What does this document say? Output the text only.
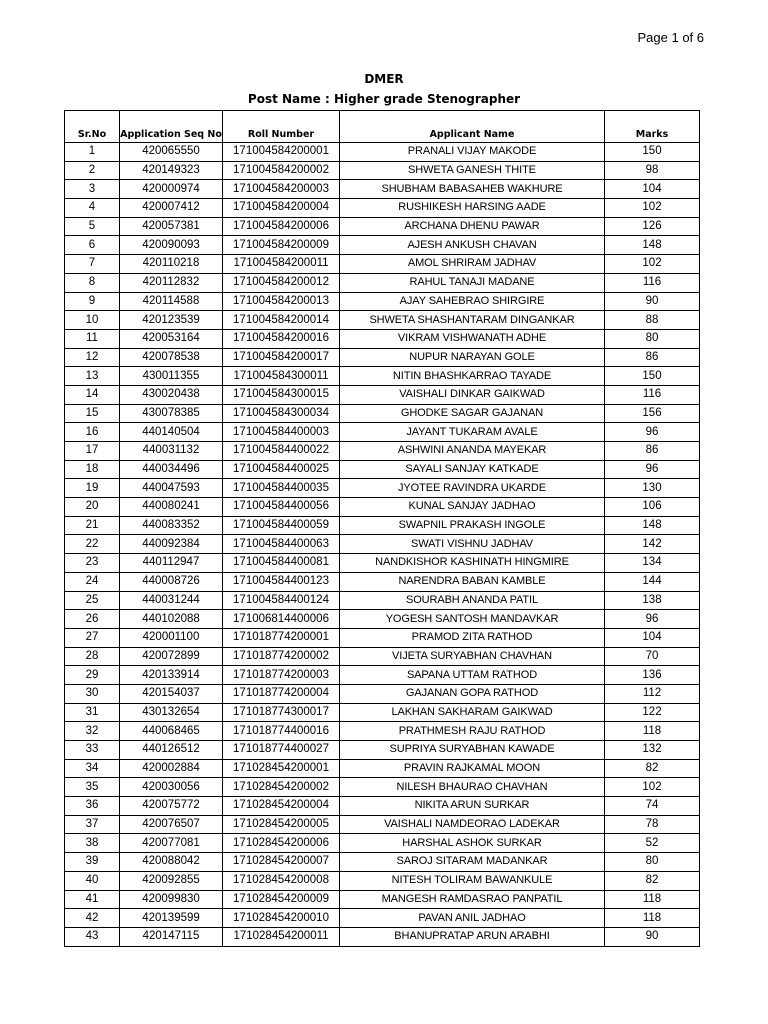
Page 1 of 6
DMER
Post Name : Higher grade Stenographer
Sr.No	Application Seq No	Roll Number	Applicant Name	Marks
1	420065550	171004584200001	PRANALI VIJAY MAKODE	150
2	420149323	171004584200002	SHWETA GANESH THITE	98
3	420000974	171004584200003	SHUBHAM BABASAHEB WAKHURE	104
4	420007412	171004584200004	RUSHIKESH HARSING AADE	102
5	420057381	171004584200006	ARCHANA DHENU PAWAR	126
6	420090093	171004584200009	AJESH ANKUSH CHAVAN	148
7	420110218	171004584200011	AMOL SHRIRAM JADHAV	102
8	420112832	171004584200012	RAHUL TANAJI MADANE	116
9	420114588	171004584200013	AJAY SAHEBRAO SHIRGIRE	90
10	420123539	171004584200014	SHWETA SHASHANTARAM DINGANKAR	88
11	420053164	171004584200016	VIKRAM VISHWANATH ADHE	80
12	420078538	171004584200017	NUPUR NARAYAN GOLE	86
13	430011355	171004584300011	NITIN BHASHKARRAO TAYADE	150
14	430020438	171004584300015	VAISHALI DINKAR GAIKWAD	116
15	430078385	171004584300034	GHODKE SAGAR GAJANAN	156
16	440140504	171004584400003	JAYANT TUKARAM AVALE	96
17	440031132	171004584400022	ASHWINI ANANDA MAYEKAR	86
18	440034496	171004584400025	SAYALI SANJAY KATKADE	96
19	440047593	171004584400035	JYOTEE RAVINDRA UKARDE	130
20	440080241	171004584400056	KUNAL SANJAY JADHAO	106
21	440083352	171004584400059	SWAPNIL PRAKASH INGOLE	148
22	440092384	171004584400063	SWATI VISHNU JADHAV	142
23	440112947	171004584400081	NANDKISHOR KASHINATH HINGMIRE	134
24	440008726	171004584400123	NARENDRA BABAN KAMBLE	144
25	440031244	171004584400124	SOURABH ANANDA PATIL	138
26	440102088	171006814400006	YOGESH SANTOSH MANDAVKAR	96
27	420001100	171018774200001	PRAMOD ZITA RATHOD	104
28	420072899	171018774200002	VIJETA SURYABHAN CHAVHAN	70
29	420133914	171018774200003	SAPANA UTTAM RATHOD	136
30	420154037	171018774200004	GAJANAN GOPA RATHOD	112
31	430132654	171018774300017	LAKHAN SAKHARAM GAIKWAD	122
32	440068465	171018774400016	PRATHMESH RAJU RATHOD	118
33	440126512	171018774400027	SUPRIYA SURYABHAN KAWADE	132
34	420002884	171028454200001	PRAVIN RAJKAMAL MOON	82
35	420030056	171028454200002	NILESH BHAURAO CHAVHAN	102
36	420075772	171028454200004	NIKITA ARUN SURKAR	74
37	420076507	171028454200005	VAISHALI NAMDEORAO LADEKAR	78
38	420077081	171028454200006	HARSHAL ASHOK SURKAR	52
39	420088042	171028454200007	SAROJ SITARAM MADANKAR	80
40	420092855	171028454200008	NITESH TOLIRAM BAWANKULE	82
41	420099830	171028454200009	MANGESH RAMDASRAO PANPATIL	118
42	420139599	171028454200010	PAVAN ANIL JADHAO	118
43	420147115	171028454200011	BHANUPRATAP ARUN ARABHI	90
